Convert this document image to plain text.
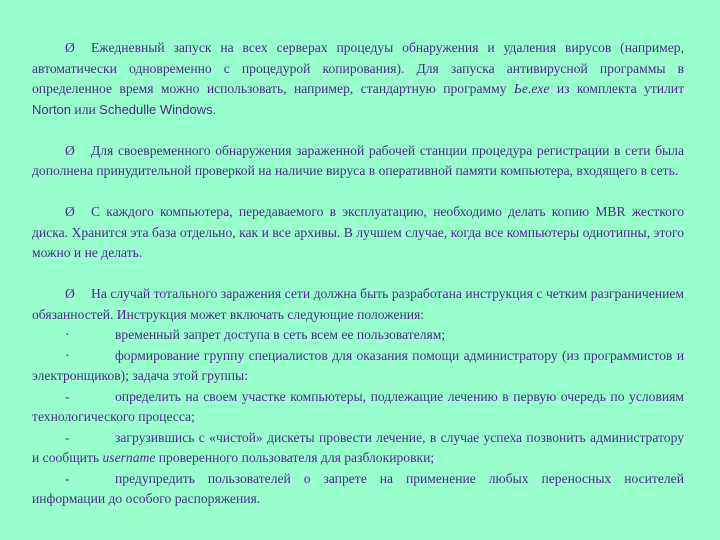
Ø Ежедневный запуск на всех серверах процедуы обнаружения и удаления вирусов (например, автоматически одновременно с процедурой копирования). Для запуска антивирусной программы в определенное время можно использовать, например, стандартную программу Ьe.exe из комплекта утилит Norton или Schedulle Windows.

Ø Для своевременного обнаружения зараженной рабочей станции процедура регистрации в сети была дополнена принудительной проверкой на наличие вируса в оперативной памяти компьютера, входящего в сеть.

Ø С каждого компьютера, передаваемого в эксплуатацию, необходимо делать копию MBR жесткого диска. Хранится эта база отдельно, как и все архивы. В лучшем случае, когда все компьютеры однотипны, этого можно и не делать.

Ø На случай тотального заражения сети должна быть разработана инструкция с четким разграничением обязанностей. Инструкция может включать следующие положения:

·	временный запрет доступа в сеть всем ее пользователям;

·	формирование группу специалистов для оказания помощи администратору (из программистов и электронщиков); задача этой группы:

-	определить на своем участке компьютеры, подлежащие лечению в первую очередь по условиям технологического процесса;

-	загрузившись с «чистой» дискеты провести лечение, в случае успеха позвонить администратору и сообщить username проверенного пользователя для разблокировки;

-	предупредить пользователей о запрете на применение любых переносных носителей информации до особого распоряжения.
